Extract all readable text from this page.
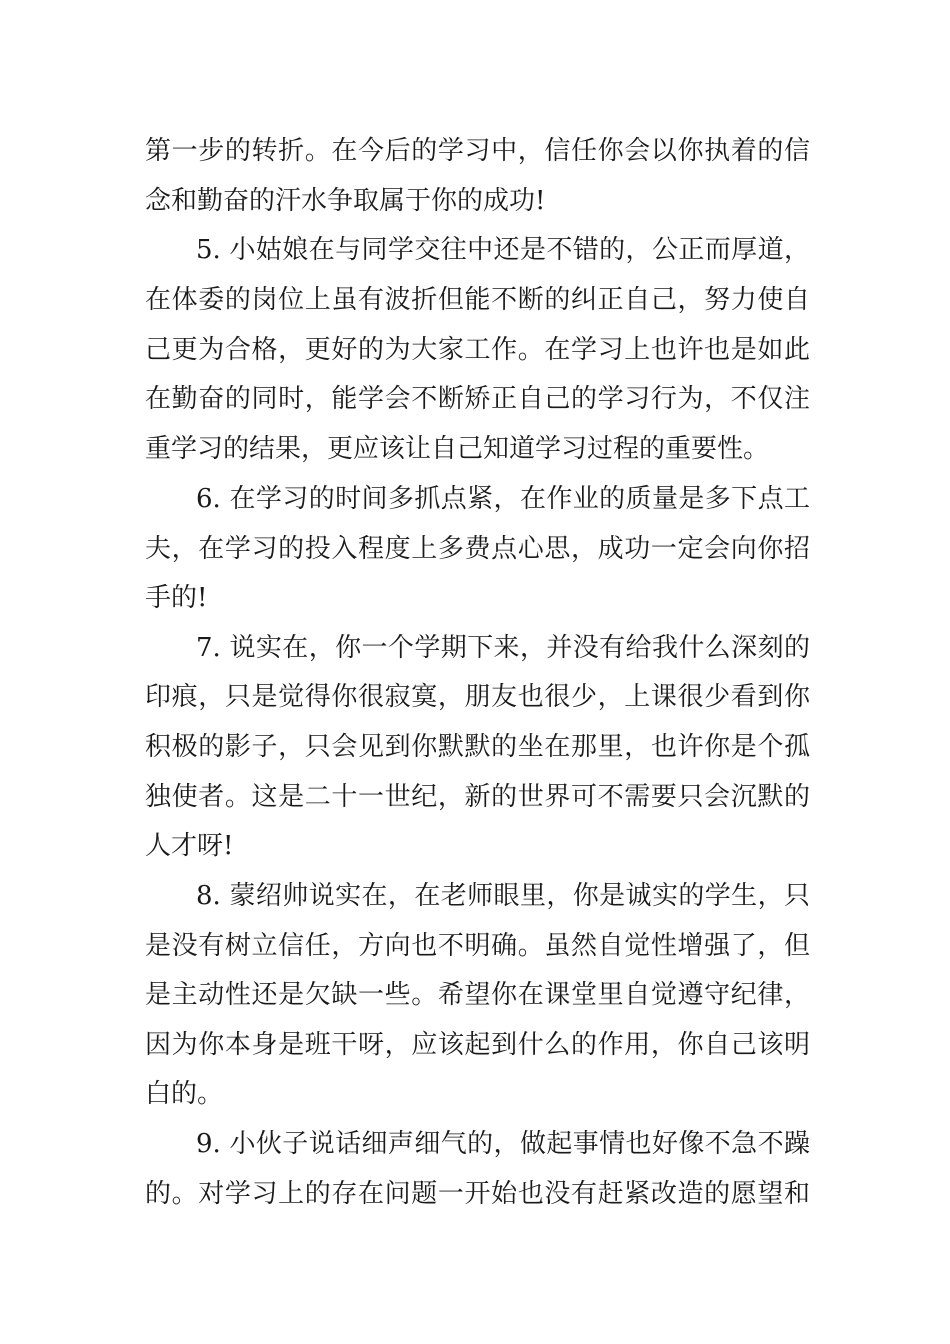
第一步的转折。在今后的学习中，信任你会以你执着的信
念和勤奋的汗水争取属于你的成功!
5. 小姑娘在与同学交往中还是不错的，公正而厚道，
在体委的岗位上虽有波折但能不断的纠正自己，努力使自
己更为合格，更好的为大家工作。在学习上也许也是如此
在勤奋的同时，能学会不断矫正自己的学习行为，不仅注
重学习的结果，更应该让自己知道学习过程的重要性。
6. 在学习的时间多抓点紧，在作业的质量是多下点工
夫，在学习的投入程度上多费点心思，成功一定会向你招
手的!
7. 说实在，你一个学期下来，并没有给我什么深刻的
印痕，只是觉得你很寂寞，朋友也很少，上课很少看到你
积极的影子，只会见到你默默的坐在那里，也许你是个孤
独使者。这是二十一世纪，新的世界可不需要只会沉默的
人才呀!
8. 蒙绍帅说实在，在老师眼里，你是诚实的学生，只
是没有树立信任，方向也不明确。虽然自觉性增强了，但
是主动性还是欠缺一些。希望你在课堂里自觉遵守纪律，
因为你本身是班干呀，应该起到什么的作用，你自己该明
白的。
9. 小伙子说话细声细气的，做起事情也好像不急不躁
的。对学习上的存在问题一开始也没有赶紧改造的愿望和
